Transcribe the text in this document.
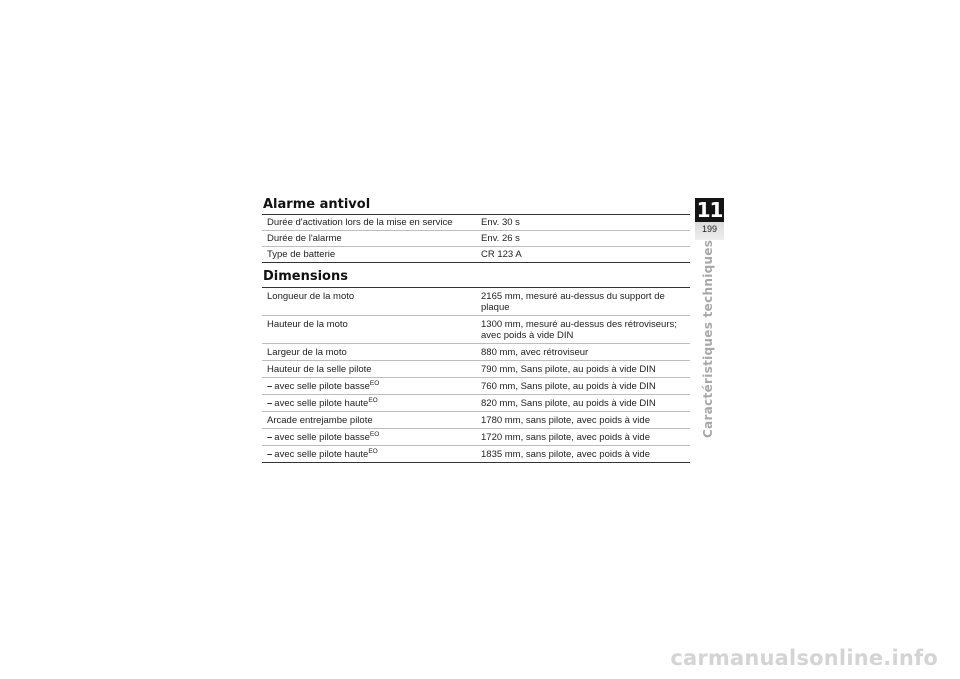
Alarme antivol
Durée d'activation lors de la mise en service	Env. 30 s
Durée de l'alarme	Env. 26 s
Type de batterie	CR 123 A
Dimensions
Longueur de la moto	2165 mm, mesuré au-dessus du support de
plaque
Hauteur de la moto	1300 mm, mesuré au-dessus des rétroviseurs;
avec poids à vide DIN
Largeur de la moto	880 mm, avec rétroviseur
Hauteur de la selle pilote	790 mm, Sans pilote, au poids à vide DIN
– avec selle pilote basse$^{EO}$	760 mm, Sans pilote, au poids à vide DIN
– avec selle pilote haute$^{EO}$	820 mm, Sans pilote, au poids à vide DIN
Arcade entrejambe pilote	1780 mm, sans pilote, avec poids à vide
– avec selle pilote basse$^{EO}$	1720 mm, sans pilote, avec poids à vide
– avec selle pilote haute$^{EO}$	1835 mm, sans pilote, avec poids à vide
11
199
Caractéristiques techniques
carmanualsonline.info
